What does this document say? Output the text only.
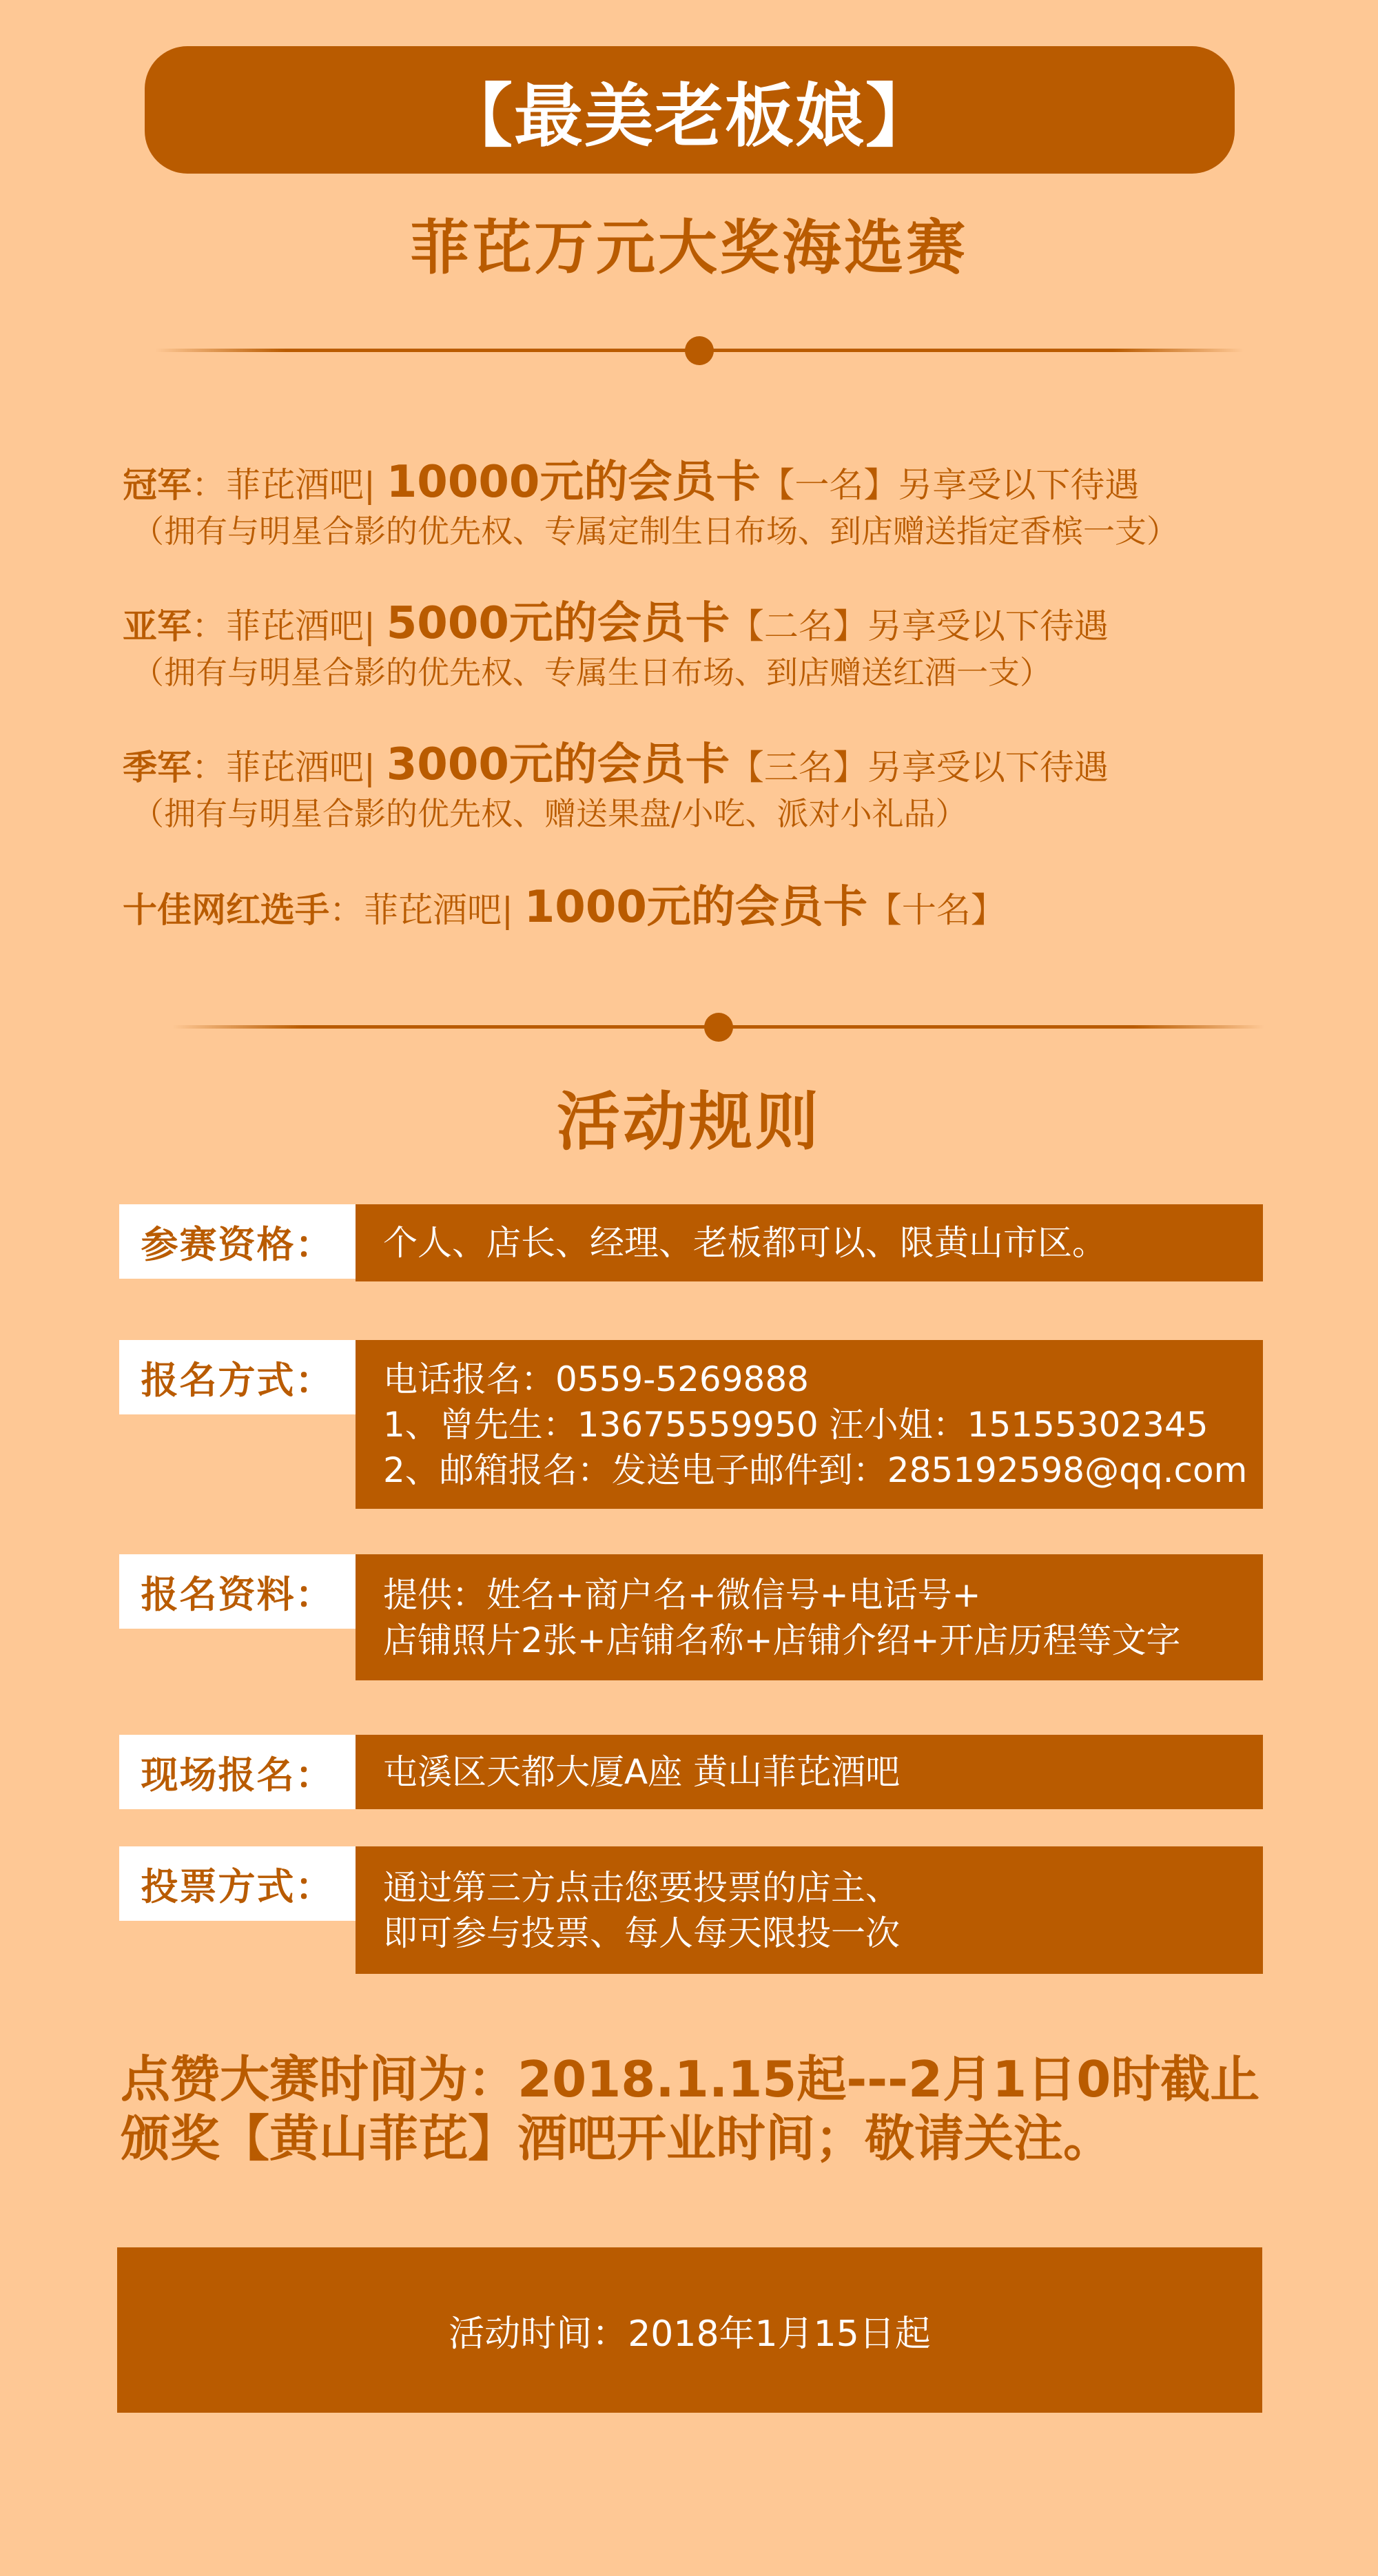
【最美老板娘】
菲芘万元大奖海选赛
冠军：菲芘酒吧| 10000元的会员卡【一名】另享受以下待遇
（拥有与明星合影的优先权、专属定制生日布场、到店赠送指定香槟一支）
亚军：菲芘酒吧| 5000元的会员卡【二名】另享受以下待遇
（拥有与明星合影的优先权、专属生日布场、到店赠送红酒一支）
季军：菲芘酒吧| 3000元的会员卡【三名】另享受以下待遇
（拥有与明星合影的优先权、赠送果盘/小吃、派对小礼品）
十佳网红选手：菲芘酒吧| 1000元的会员卡【十名】
活动规则
参赛资格：	个人、店长、经理、老板都可以、限黄山市区。
报名方式：	电话报名：0559-5269888
1、曾先生：13675559950 汪小姐：15155302345
2、邮箱报名：发送电子邮件到：285192598@qq.com
报名资料：	提供：姓名+商户名+微信号+电话号+
店铺照片2张+店铺名称+店铺介绍+开店历程等文字
现场报名：	屯溪区天都大厦A座 黄山菲芘酒吧
投票方式：	通过第三方点击您要投票的店主、
即可参与投票、每人每天限投一次
点赞大赛时间为：2018.1.15起---2月1日0时截止
颁奖【黄山菲芘】酒吧开业时间；敬请关注。
活动时间：2018年1月15日起
